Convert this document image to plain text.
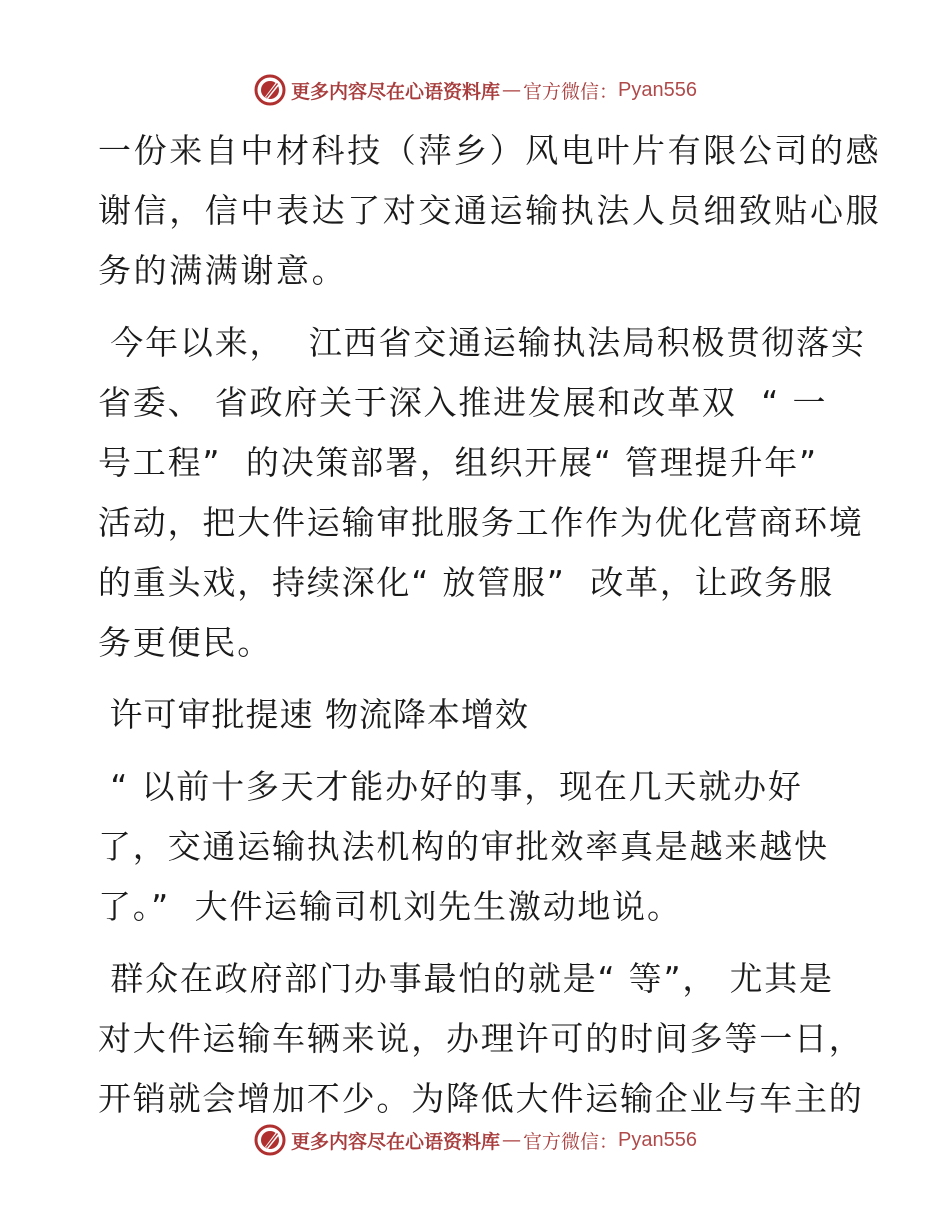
更多内容尽在心语资料库 — 官方微信： Pyan556
一份来自中材科技（萍乡）风电叶片有限公司的感
谢信，信中表达了对交通运输执法人员细致贴心服
务的满满谢意。
今年以来，  江西省交通运输执法局积极贯彻落实
省委、 省政府关于深入推进发展和改革双  “ 一
号工程”  的决策部署，组织开展“ 管理提升年”
活动，把大件运输审批服务工作作为优化营商环境
的重头戏，持续深化“ 放管服”  改革，让政务服
务更便民。
许可审批提速 物流降本增效
“ 以前十多天才能办好的事，现在几天就办好
了，交通运输执法机构的审批效率真是越来越快
了。”  大件运输司机刘先生激动地说。
群众在政府部门办事最怕的就是“ 等”， 尤其是
对大件运输车辆来说，办理许可的时间多等一日，
开销就会增加不少。为降低大件运输企业与车主的
更多内容尽在心语资料库 — 官方微信： Pyan556
